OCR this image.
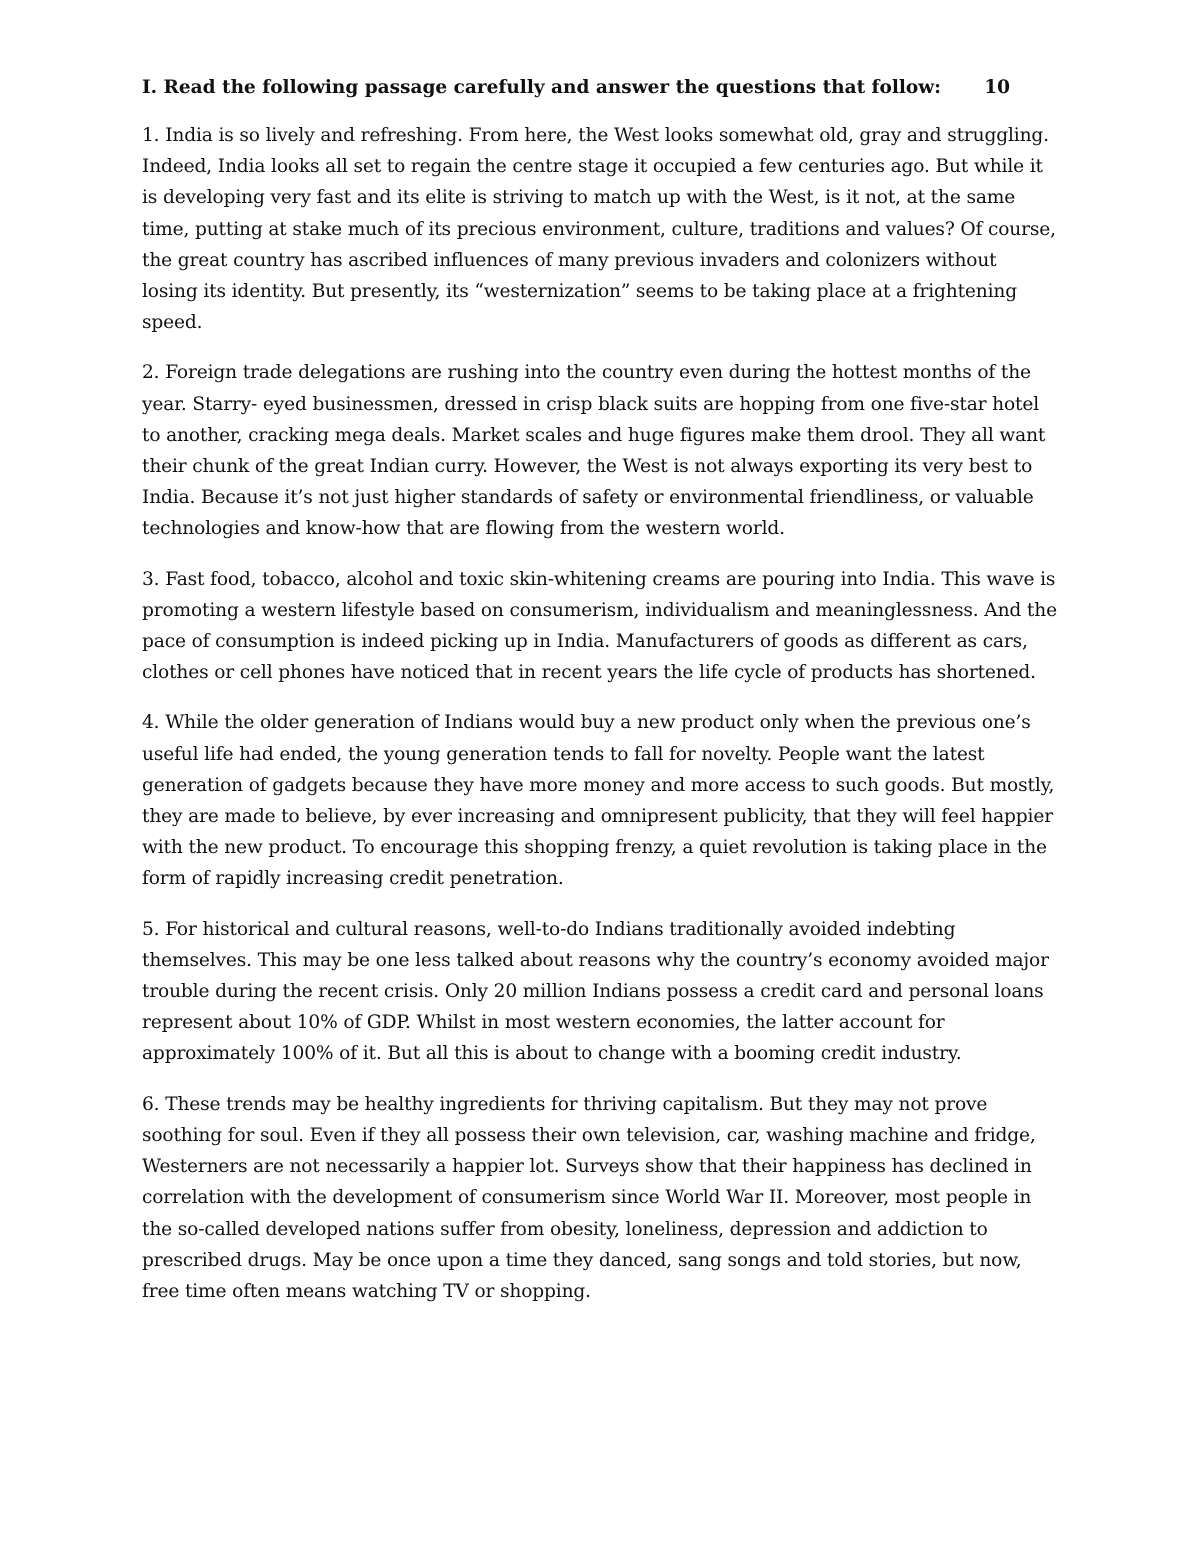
I. Read the following passage carefully and answer the questions that follow: 10

1. India is so lively and refreshing. From here, the West looks somewhat old, gray and struggling. Indeed, India looks all set to regain the centre stage it occupied a few centuries ago. But while it is developing very fast and its elite is striving to match up with the West, is it not, at the same time, putting at stake much of its precious environment, culture, traditions and values? Of course, the great country has ascribed influences of many previous invaders and colonizers without losing its identity. But presently, its “westernization” seems to be taking place at a frightening speed.

2. Foreign trade delegations are rushing into the country even during the hottest months of the year. Starry- eyed businessmen, dressed in crisp black suits are hopping from one five-star hotel to another, cracking mega deals. Market scales and huge figures make them drool. They all want their chunk of the great Indian curry. However, the West is not always exporting its very best to India. Because it’s not just higher standards of safety or environmental friendliness, or valuable technologies and know-how that are flowing from the western world.

3. Fast food, tobacco, alcohol and toxic skin-whitening creams are pouring into India. This wave is promoting a western lifestyle based on consumerism, individualism and meaninglessness. And the pace of consumption is indeed picking up in India. Manufacturers of goods as different as cars, clothes or cell phones have noticed that in recent years the life cycle of products has shortened.

4. While the older generation of Indians would buy a new product only when the previous one’s useful life had ended, the young generation tends to fall for novelty. People want the latest generation of gadgets because they have more money and more access to such goods. But mostly, they are made to believe, by ever increasing and omnipresent publicity, that they will feel happier with the new product. To encourage this shopping frenzy, a quiet revolution is taking place in the form of rapidly increasing credit penetration.

5. For historical and cultural reasons, well-to-do Indians traditionally avoided indebting themselves. This may be one less talked about reasons why the country’s economy avoided major trouble during the recent crisis. Only 20 million Indians possess a credit card and personal loans represent about 10% of GDP. Whilst in most western economies, the latter account for approximately 100% of it. But all this is about to change with a booming credit industry.

6. These trends may be healthy ingredients for thriving capitalism. But they may not prove soothing for soul. Even if they all possess their own television, car, washing machine and fridge, Westerners are not necessarily a happier lot. Surveys show that their happiness has declined in correlation with the development of consumerism since World War II. Moreover, most people in the so-called developed nations suffer from obesity, loneliness, depression and addiction to prescribed drugs. May be once upon a time they danced, sang songs and told stories, but now, free time often means watching TV or shopping.
